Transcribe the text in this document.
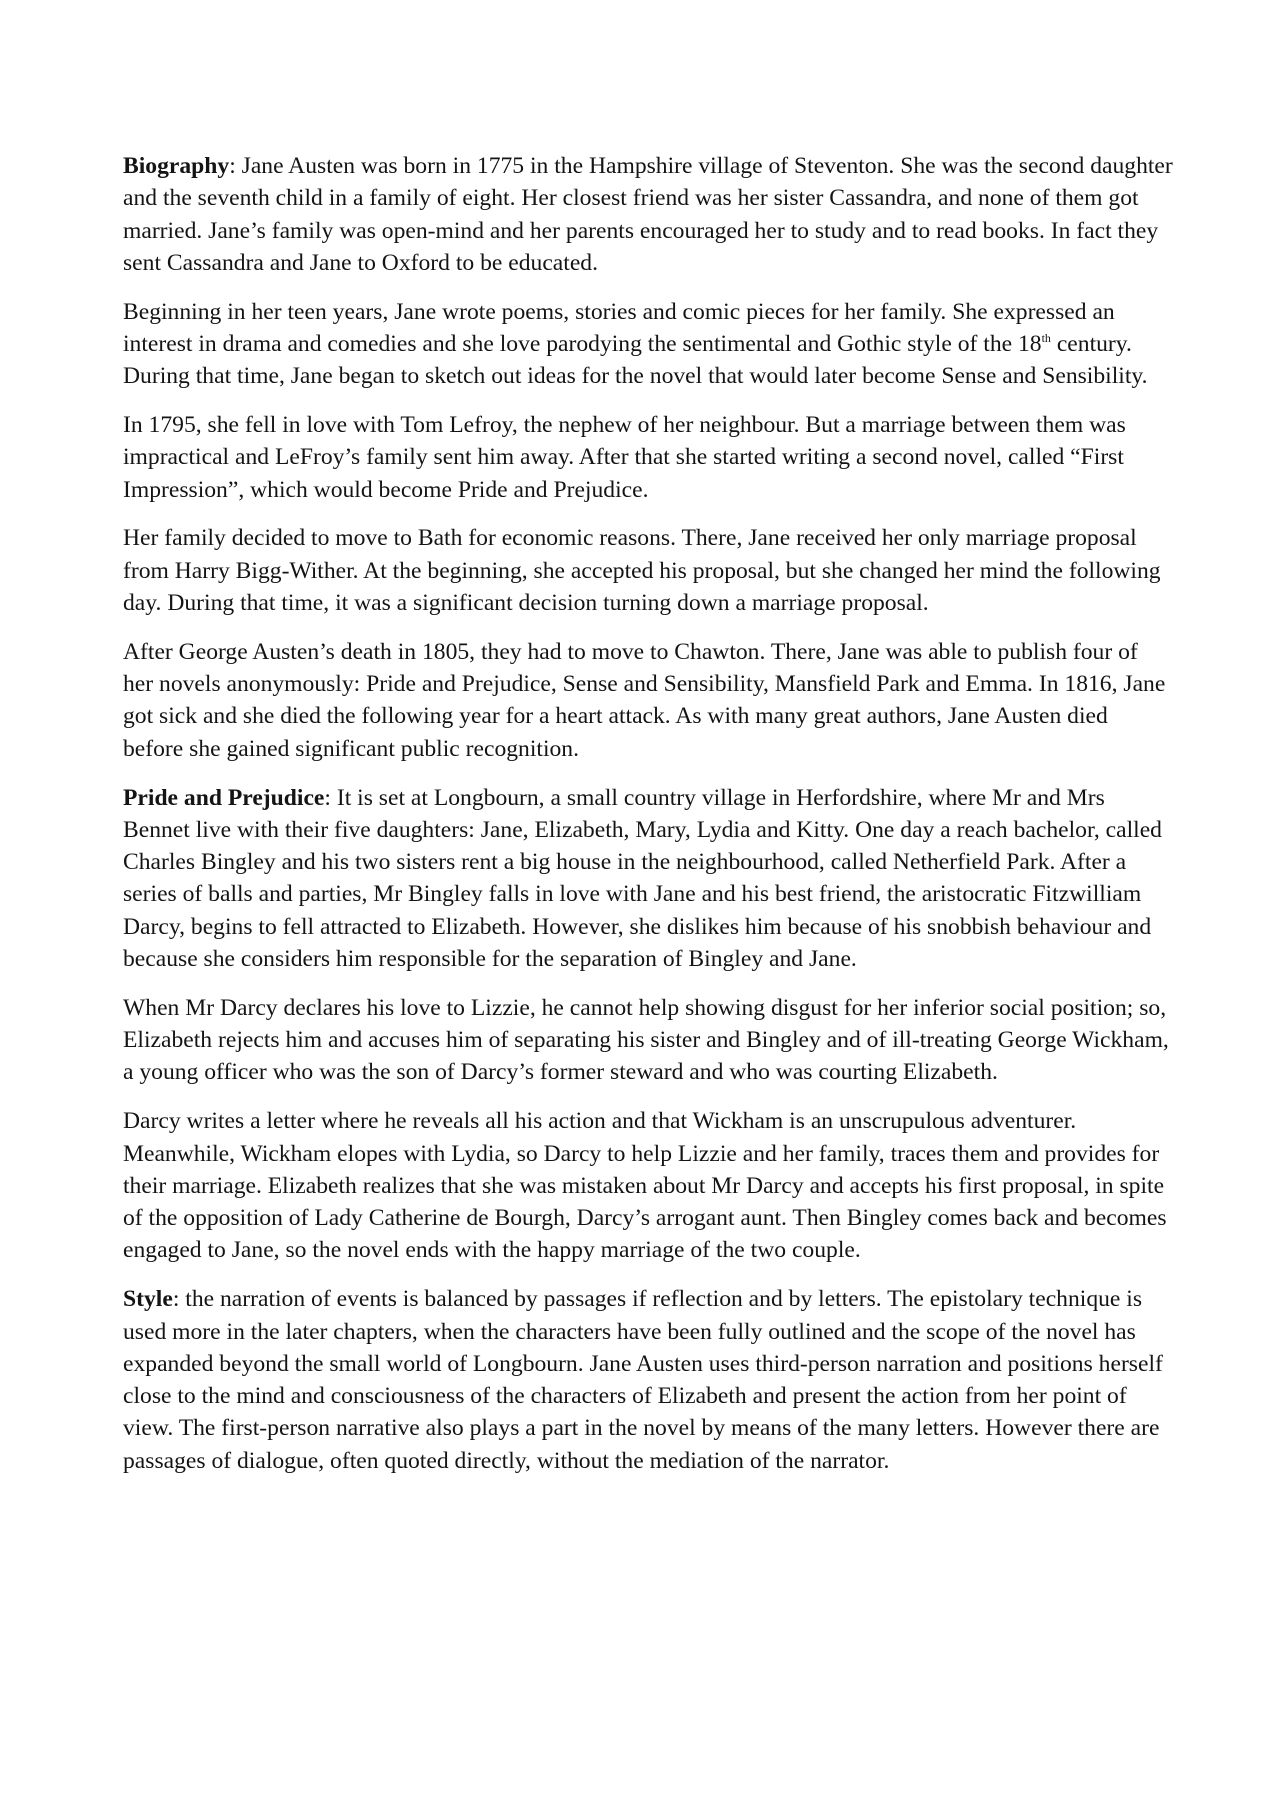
Biography: Jane Austen was born in 1775 in the Hampshire village of Steventon. She was the second daughter and the seventh child in a family of eight. Her closest friend was her sister Cassandra, and none of them got married. Jane’s family was open-mind and her parents encouraged her to study and to read books. In fact they sent Cassandra and Jane to Oxford to be educated.

Beginning in her teen years, Jane wrote poems, stories and comic pieces for her family. She expressed an interest in drama and comedies and she love parodying the sentimental and Gothic style of the 18th century. During that time, Jane began to sketch out ideas for the novel that would later become Sense and Sensibility.

In 1795, she fell in love with Tom Lefroy, the nephew of her neighbour. But a marriage between them was impractical and LeFroy’s family sent him away. After that she started writing a second novel, called “First Impression”, which would become Pride and Prejudice.

Her family decided to move to Bath for economic reasons. There, Jane received her only marriage proposal from Harry Bigg-Wither. At the beginning, she accepted his proposal, but she changed her mind the following day. During that time, it was a significant decision turning down a marriage proposal.

After George Austen’s death in 1805, they had to move to Chawton. There, Jane was able to publish four of her novels anonymously: Pride and Prejudice, Sense and Sensibility, Mansfield Park and Emma. In 1816, Jane got sick and she died the following year for a heart attack. As with many great authors, Jane Austen died before she gained significant public recognition.

Pride and Prejudice: It is set at Longbourn, a small country village in Herfordshire, where Mr and Mrs Bennet live with their five daughters: Jane, Elizabeth, Mary, Lydia and Kitty. One day a reach bachelor, called Charles Bingley and his two sisters rent a big house in the neighbourhood, called Netherfield Park. After a series of balls and parties, Mr Bingley falls in love with Jane and his best friend, the aristocratic Fitzwilliam Darcy, begins to fell attracted to Elizabeth. However, she dislikes him because of his snobbish behaviour and because she considers him responsible for the separation of Bingley and Jane.

When Mr Darcy declares his love to Lizzie, he cannot help showing disgust for her inferior social position; so, Elizabeth rejects him and accuses him of separating his sister and Bingley and of ill-treating George Wickham, a young officer who was the son of Darcy’s former steward and who was courting Elizabeth.

Darcy writes a letter where he reveals all his action and that Wickham is an unscrupulous adventurer. Meanwhile, Wickham elopes with Lydia, so Darcy to help Lizzie and her family, traces them and provides for their marriage. Elizabeth realizes that she was mistaken about Mr Darcy and accepts his first proposal, in spite of the opposition of Lady Catherine de Bourgh, Darcy’s arrogant aunt. Then Bingley comes back and becomes engaged to Jane, so the novel ends with the happy marriage of the two couple.

Style: the narration of events is balanced by passages if reflection and by letters. The epistolary technique is used more in the later chapters, when the characters have been fully outlined and the scope of the novel has expanded beyond the small world of Longbourn. Jane Austen uses third-person narration and positions herself close to the mind and consciousness of the characters of Elizabeth and present the action from her point of view. The first-person narrative also plays a part in the novel by means of the many letters. However there are passages of dialogue, often quoted directly, without the mediation of the narrator.
